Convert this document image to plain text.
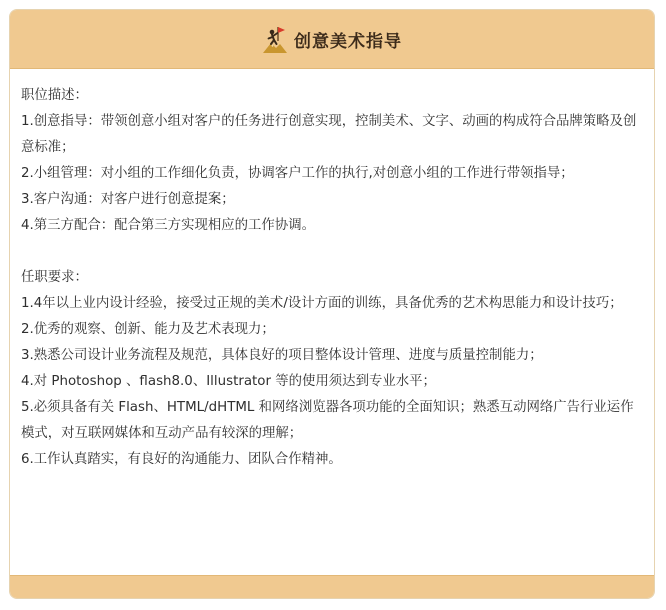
创意美术指导
职位描述：
1.创意指导：带领创意小组对客户的任务进行创意实现，控制美术、文字、动画的构成符合品牌策略及创意标准；
2.小组管理：对小组的工作细化负责，协调客户工作的执行,对创意小组的工作进行带领指导；
3.客户沟通：对客户进行创意提案；
4.第三方配合：配合第三方实现相应的工作协调。
任职要求：
1.4年以上业内设计经验，接受过正规的美术/设计方面的训练，具备优秀的艺术构思能力和设计技巧；
2.优秀的观察、创新、能力及艺术表现力；
3.熟悉公司设计业务流程及规范，具体良好的项目整体设计管理、进度与质量控制能力；
4.对 Photoshop 、flash8.0、Illustrator 等的使用须达到专业水平；
5.必须具备有关 Flash、HTML/dHTML 和网络浏览器各项功能的全面知识；熟悉互动网络广告行业运作模式，对互联网媒体和互动产品有较深的理解；
6.工作认真踏实，有良好的沟通能力、团队合作精神。
